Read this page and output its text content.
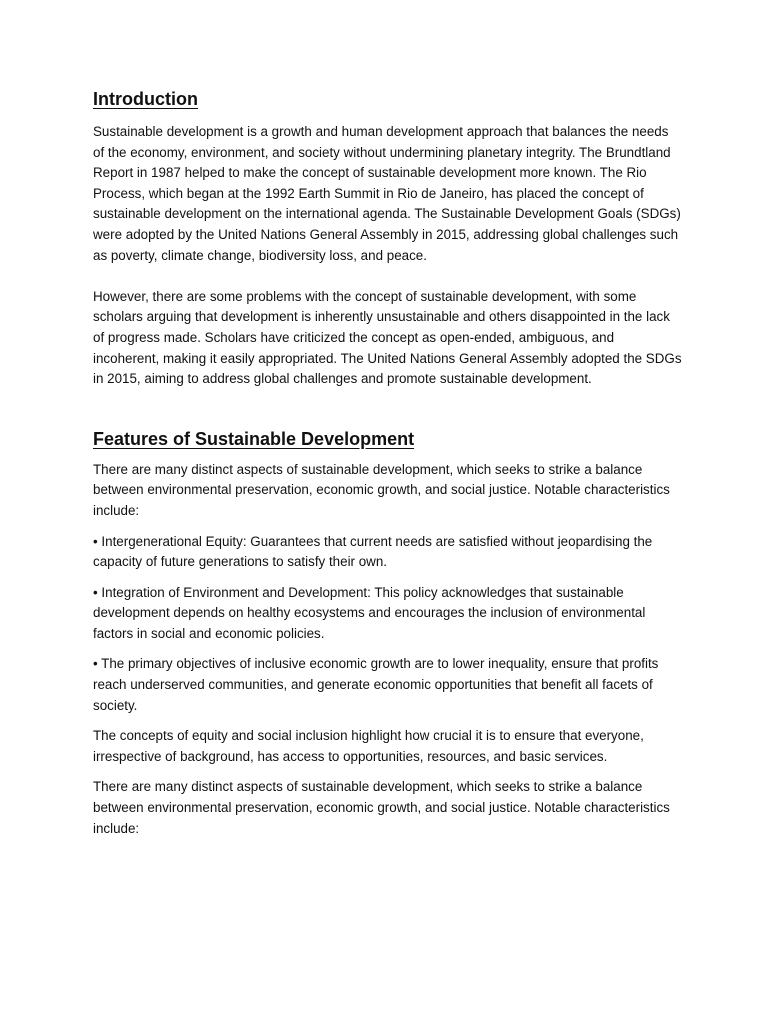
Introduction

Sustainable development is a growth and human development approach that balances the needs of the economy, environment, and society without undermining planetary integrity. The Brundtland Report in 1987 helped to make the concept of sustainable development more known. The Rio Process, which began at the 1992 Earth Summit in Rio de Janeiro, has placed the concept of sustainable development on the international agenda. The Sustainable Development Goals (SDGs) were adopted by the United Nations General Assembly in 2015, addressing global challenges such as poverty, climate change, biodiversity loss, and peace.

However, there are some problems with the concept of sustainable development, with some scholars arguing that development is inherently unsustainable and others disappointed in the lack of progress made. Scholars have criticized the concept as open-ended, ambiguous, and incoherent, making it easily appropriated. The United Nations General Assembly adopted the SDGs in 2015, aiming to address global challenges and promote sustainable development.

Features of Sustainable Development

There are many distinct aspects of sustainable development, which seeks to strike a balance between environmental preservation, economic growth, and social justice. Notable characteristics include:

• Intergenerational Equity: Guarantees that current needs are satisfied without jeopardising the capacity of future generations to satisfy their own.

• Integration of Environment and Development: This policy acknowledges that sustainable development depends on healthy ecosystems and encourages the inclusion of environmental factors in social and economic policies.

• The primary objectives of inclusive economic growth are to lower inequality, ensure that profits reach underserved communities, and generate economic opportunities that benefit all facets of society.

The concepts of equity and social inclusion highlight how crucial it is to ensure that everyone, irrespective of background, has access to opportunities, resources, and basic services.

There are many distinct aspects of sustainable development, which seeks to strike a balance between environmental preservation, economic growth, and social justice. Notable characteristics include:
